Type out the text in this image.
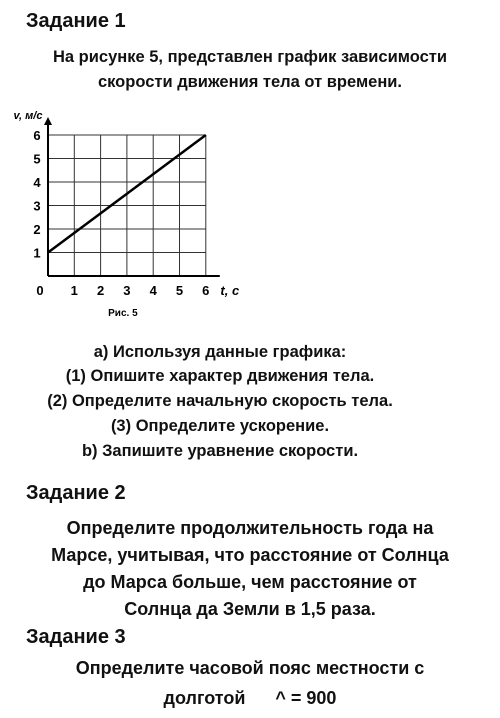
Задание 1
На рисунке 5, представлен график зависимости
скорости движения тела от времени.
0 1 2 3 4 5 6
1
2
3
4
5
6
t, c
v, м/с
Рис. 5
a) Используя данные графика:
(1) Опишите характер движения тела.
(2) Определите начальную скорость тела.
(3) Определите ускорение.
b) Запишите уравнение скорости.
Задание 2
Определите продолжительность года на
Марсе, учитывая, что расстояние от Солнца
до Марса больше, чем расстояние от
Солнца да Земли в 1,5 раза.
Задание 3
Определите часовой пояс местности с
долготой      ^ = 900
